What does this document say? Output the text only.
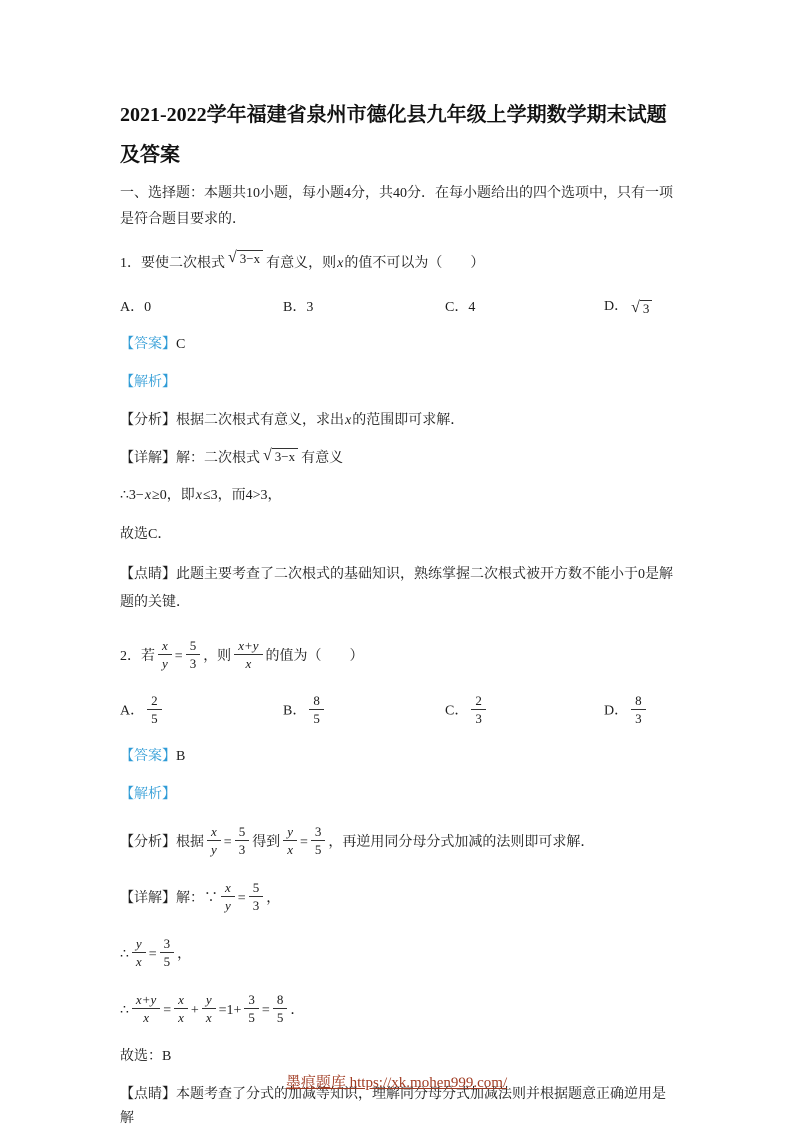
2021-2022学年福建省泉州市德化县九年级上学期数学期末试题及答案

一、选择题：本题共10小题，每小题4分，共40分．在每小题给出的四个选项中，只有一项是符合题目要求的．

1．要使二次根式 √ 3−x 有意义，则x的值不可以为（　　）

A．0	B．3	C．4	D． √ 3

【答案】C

【解析】

【分析】根据二次根式有意义，求出x的范围即可求解．

【详解】解：二次根式 √ 3−x 有意义

∴3−x≥0，即x≤3，而4>3，

故选C．

【点睛】此题主要考查了二次根式的基础知识，熟练掌握二次根式被开方数不能小于0是解题的关键．

2．若 $\frac{x}{y} = \frac{5}{3}$ ，则 $\frac{x+y}{x}$ 的值为（　　）

A． $\frac{2}{5}$	B． $\frac{8}{5}$	C． $\frac{2}{3}$	D． $\frac{8}{3}$

【答案】B

【解析】

【分析】根据 $\frac{x}{y} = \frac{5}{3}$ 得到 $\frac{y}{x} = \frac{3}{5}$ ，再逆用同分母分式加减的法则即可求解．

【详解】解：∵ $\frac{x}{y} = \frac{5}{3}$ ，

∴ $\frac{y}{x} = \frac{3}{5}$ ，

∴ $\frac{x+y}{x} = \frac{x}{x} + \frac{y}{x} =1+ \frac{3}{5} = \frac{8}{5}$ ．

故选：B

【点睛】本题考查了分式的加减等知识，理解同分母分式加减法则并根据题意正确逆用是解

墨痕题库 https://xk.mohen999.com/
